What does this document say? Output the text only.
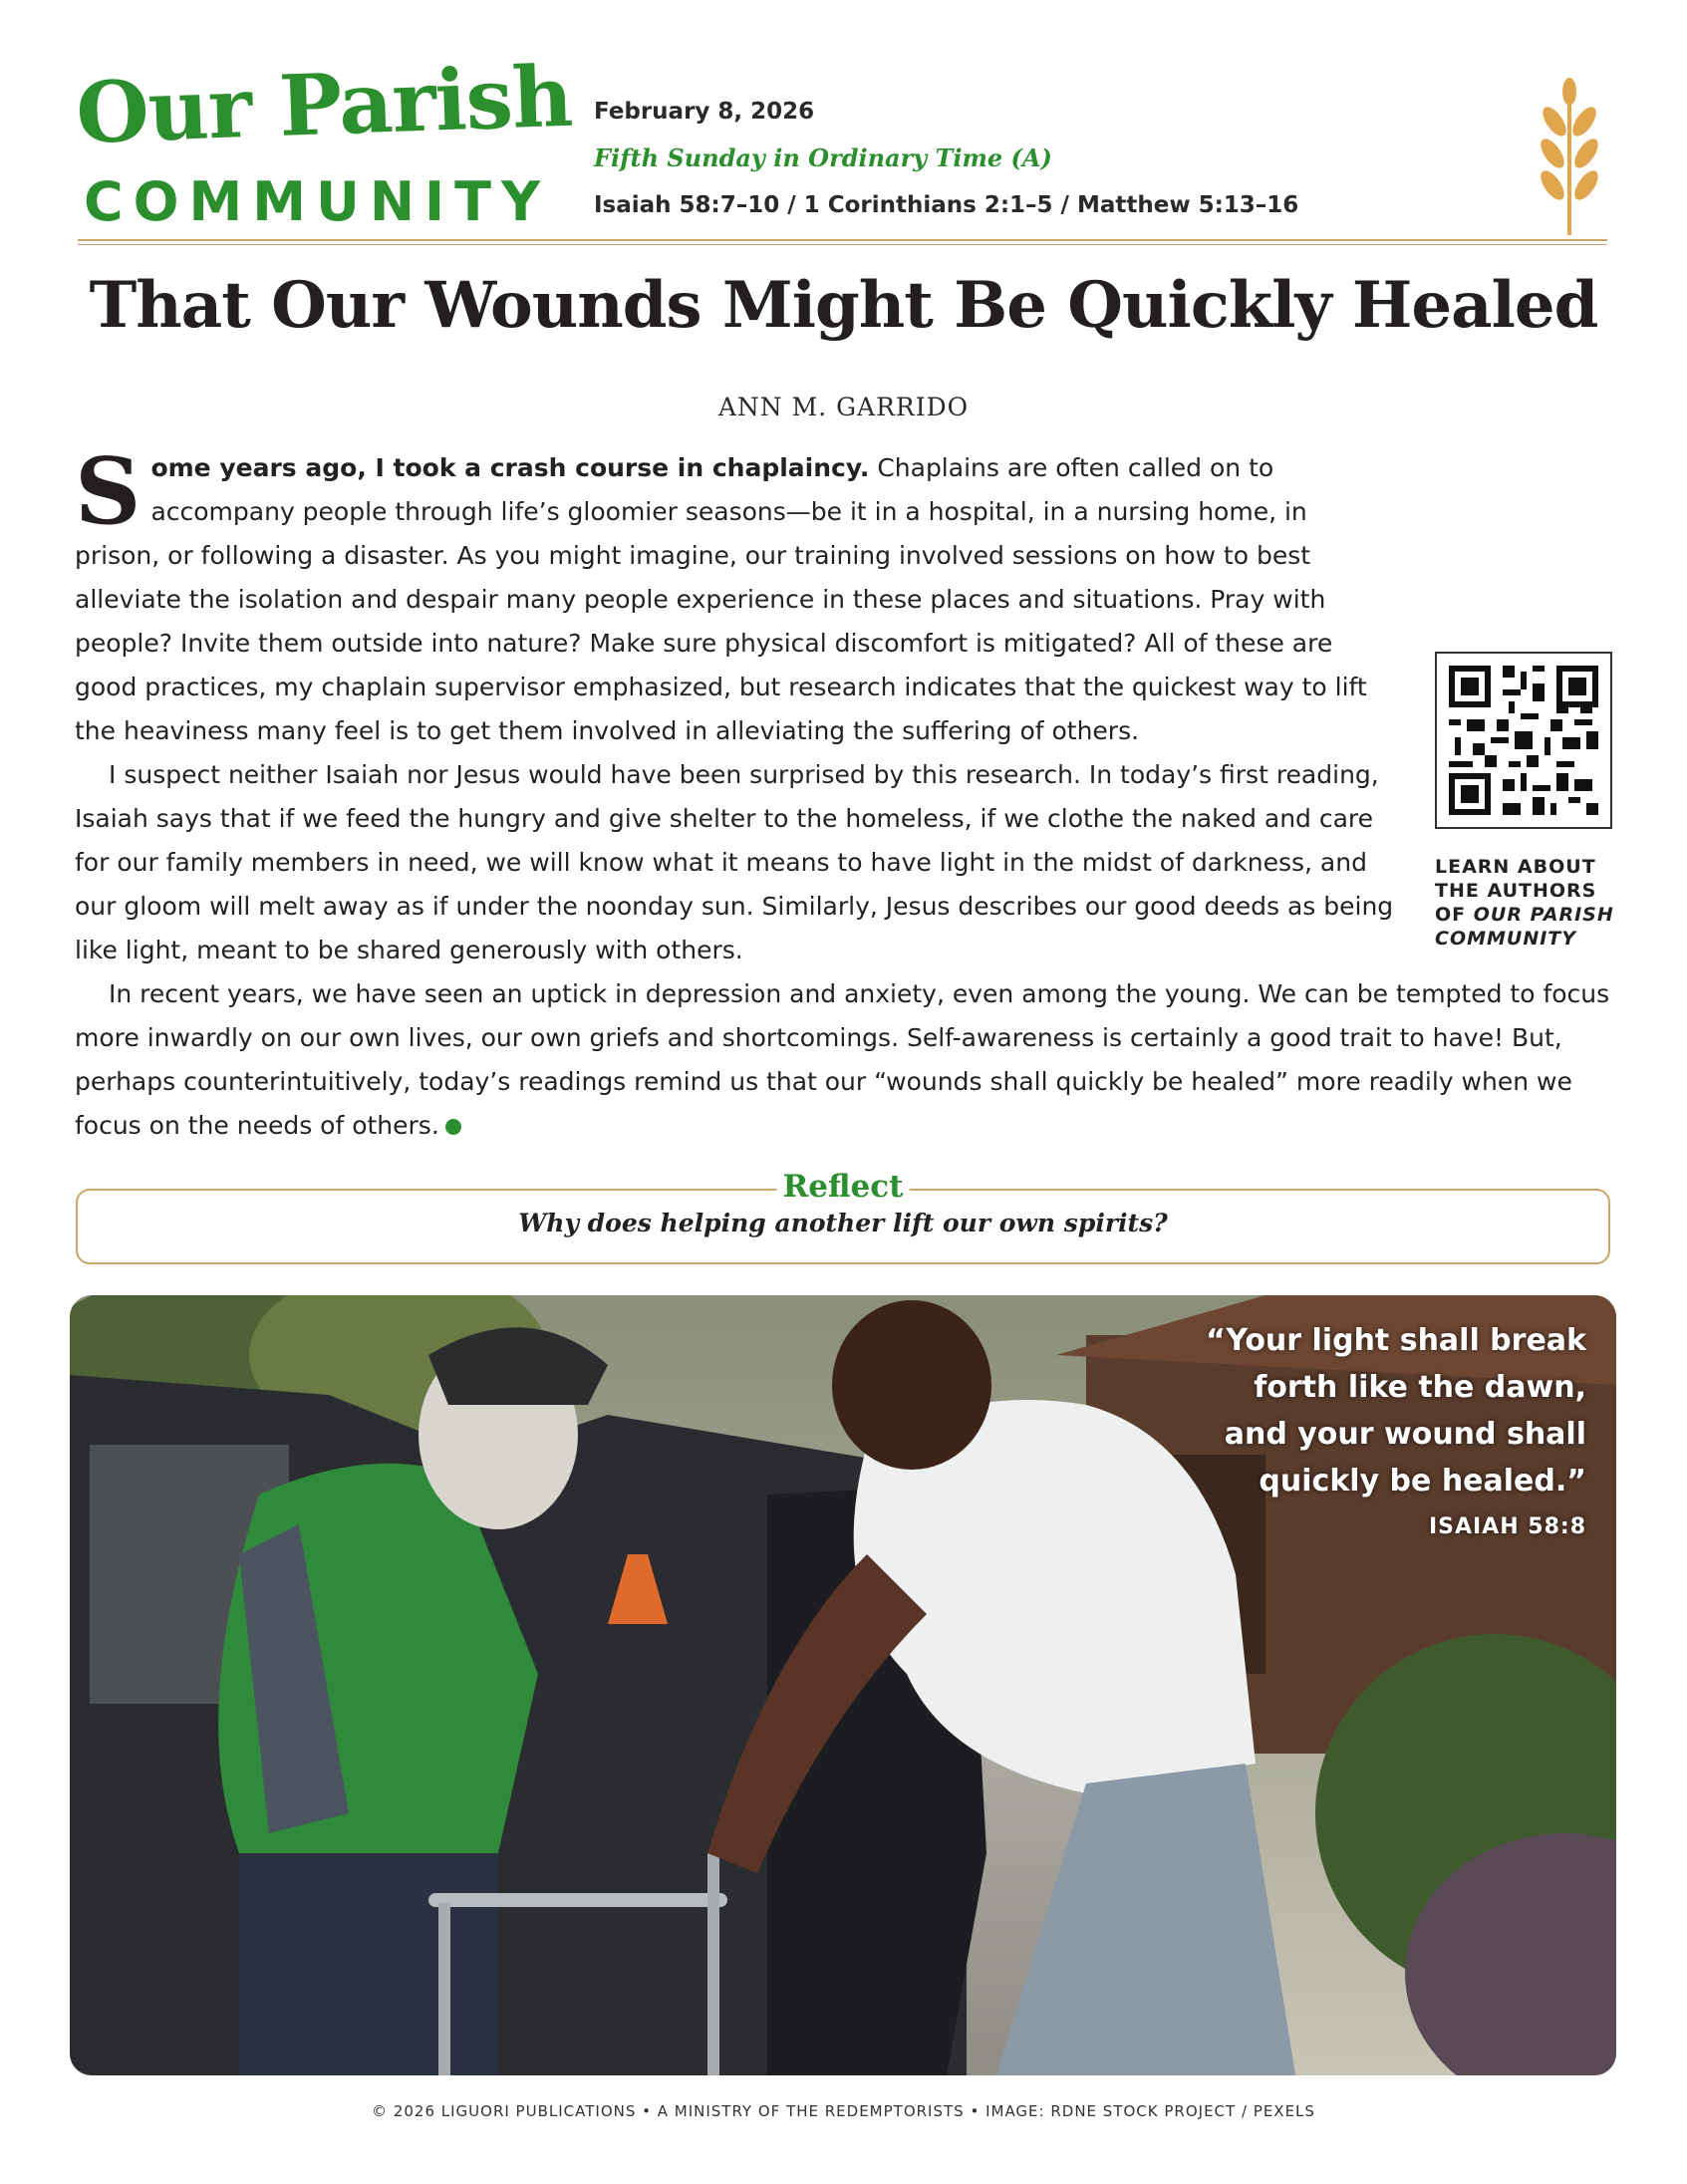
Our Parish
COMMUNITY
February 8, 2026
Fifth Sunday in Ordinary Time (A)
Isaiah 58:7–10 / 1 Corinthians 2:1–5 / Matthew 5:13–16
That Our Wounds Might Be Quickly Healed
ANN M. GARRIDO
LEARN ABOUT
THE AUTHORS
OF OUR PARISH
COMMUNITY

Some years ago, I took a crash course in chaplaincy. Chaplains are often called on to accompany people through life’s gloomier seasons—be it in a hospital, in a nursing home, in prison, or following a disaster. As you might imagine, our training involved sessions on how to best alleviate the isolation and despair many people experience in these places and situations. Pray with people? Invite them outside into nature? Make sure physical discomfort is mitigated? All of these are good practices, my chaplain supervisor emphasized, but research indicates that the quickest way to lift the heaviness many feel is to get them involved in alleviating the suffering of others.

I suspect neither Isaiah nor Jesus would have been surprised by this research. In today’s first reading, Isaiah says that if we feed the hungry and give shelter to the homeless, if we clothe the naked and care for our family members in need, we will know what it means to have light in the midst of darkness, and our gloom will melt away as if under the noonday sun. Similarly, Jesus describes our good deeds as being like light, meant to be shared generously with others.

In recent years, we have seen an uptick in depression and anxiety, even among the young. We can be tempted to focus more inwardly on our own lives, our own griefs and shortcomings. Self-awareness is certainly a good trait to have! But, perhaps counterintuitively, today’s readings remind us that our “wounds shall quickly be healed” more readily when we focus on the needs of others.

Reflect
Why does helping another lift our own spirits?
“Your light shall break
forth like the dawn,
and your wound shall
quickly be healed.”
ISAIAH 58:8
© 2026 LIGUORI PUBLICATIONS • A MINISTRY OF THE REDEMPTORISTS • IMAGE: RDNE STOCK PROJECT / PEXELS
